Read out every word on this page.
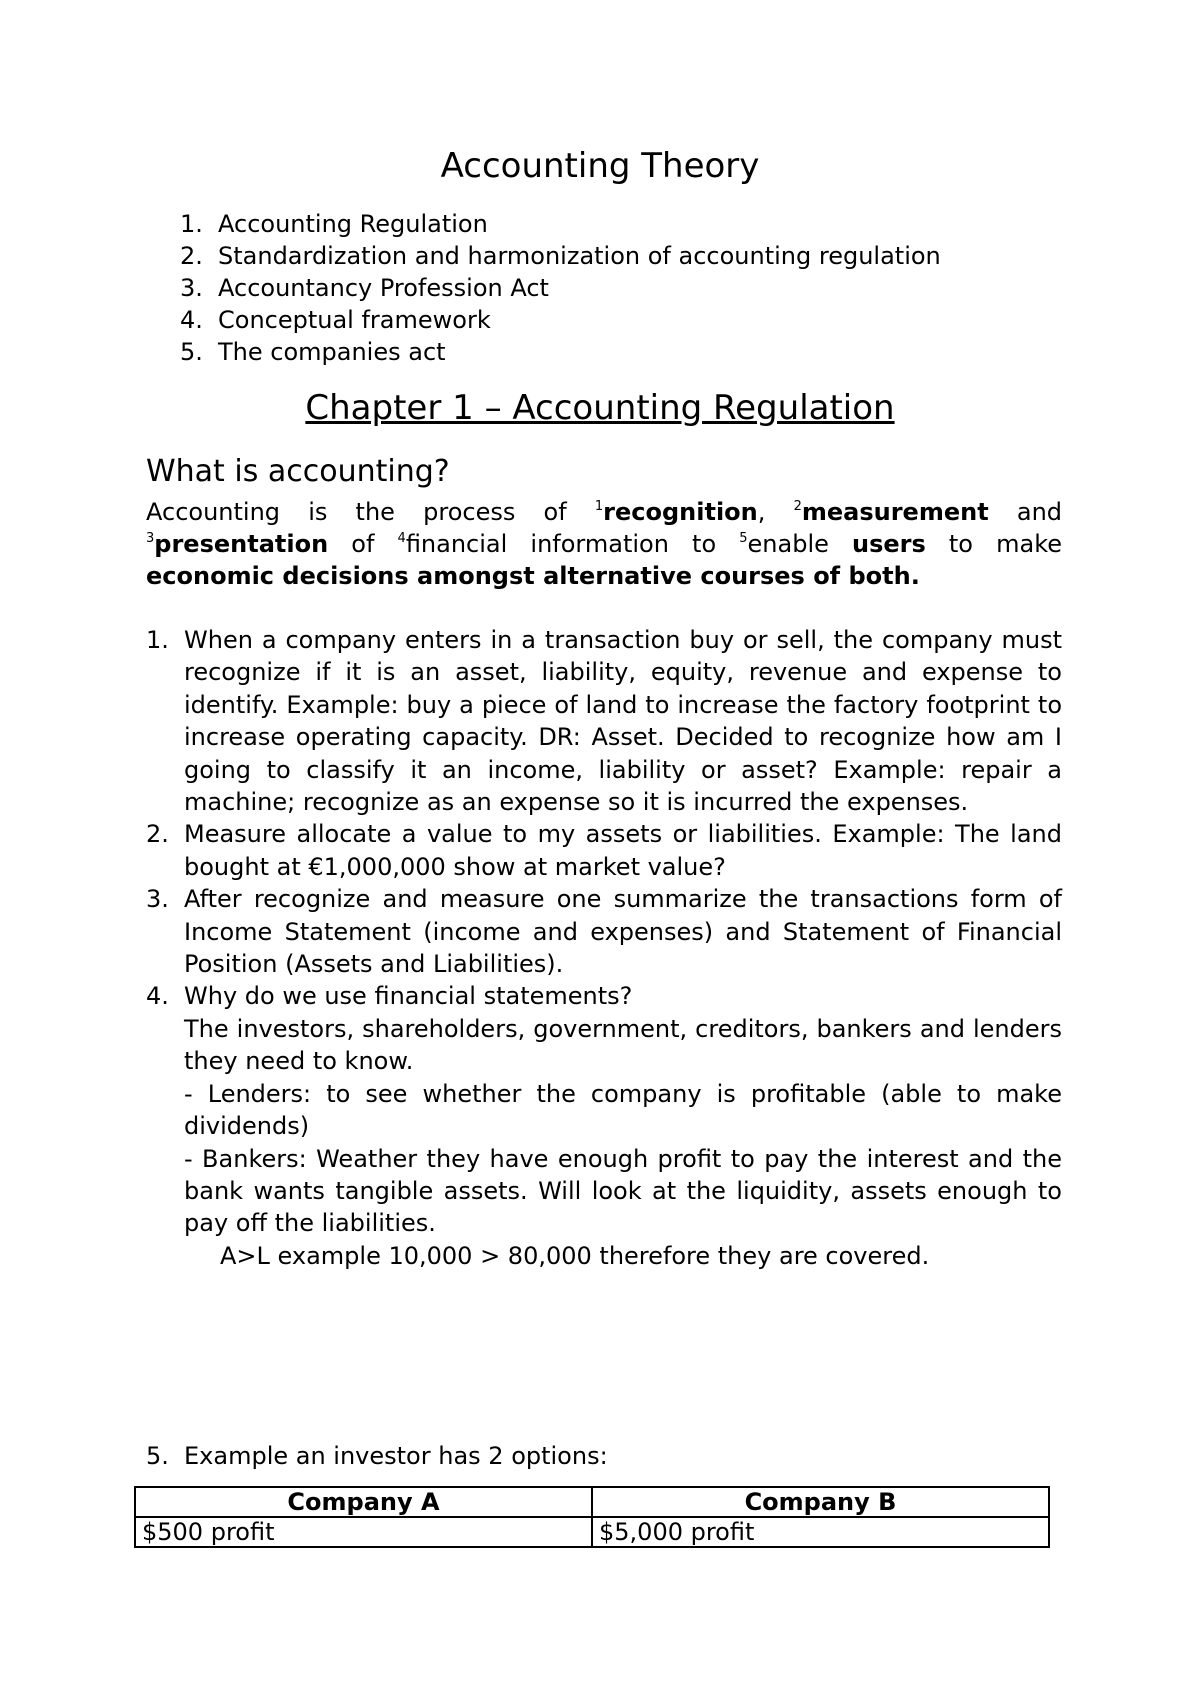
Accounting Theory
1. Accounting Regulation
2. Standardization and harmonization of accounting regulation
3. Accountancy Profession Act
4. Conceptual framework
5. The companies act
Chapter 1 – Accounting Regulation
What is accounting?

Accounting is the process of $^1$recognition, $^2$measurement and $^3$presentation of $^4$financial information to $^5$enable users to make economic decisions amongst alternative courses of both.

1. When a company enters in a transaction buy or sell, the company must recognize if it is an asset, liability, equity, revenue and expense to identify. Example: buy a piece of land to increase the factory footprint to increase operating capacity. DR: Asset. Decided to recognize how am I going to classify it an income, liability or asset? Example: repair a machine; recognize as an expense so it is incurred the expenses.
2. Measure allocate a value to my assets or liabilities. Example: The land bought at €1,000,000 show at market value?
3. After recognize and measure one summarize the transactions form of Income Statement (income and expenses) and Statement of Financial Position (Assets and Liabilities).
4. Why do we use financial statements?

The investors, shareholders, government, creditors, bankers and lenders they need to know.

- Lenders: to see whether the company is profitable (able to make dividends)

- Bankers: Weather they have enough profit to pay the interest and the bank wants tangible assets. Will look at the liquidity, assets enough to pay off the liabilities.

A>L example 10,000 > 80,000 therefore they are covered.

5. Example an investor has 2 options:

Company A	Company B
$500 profit	$5,000 profit
